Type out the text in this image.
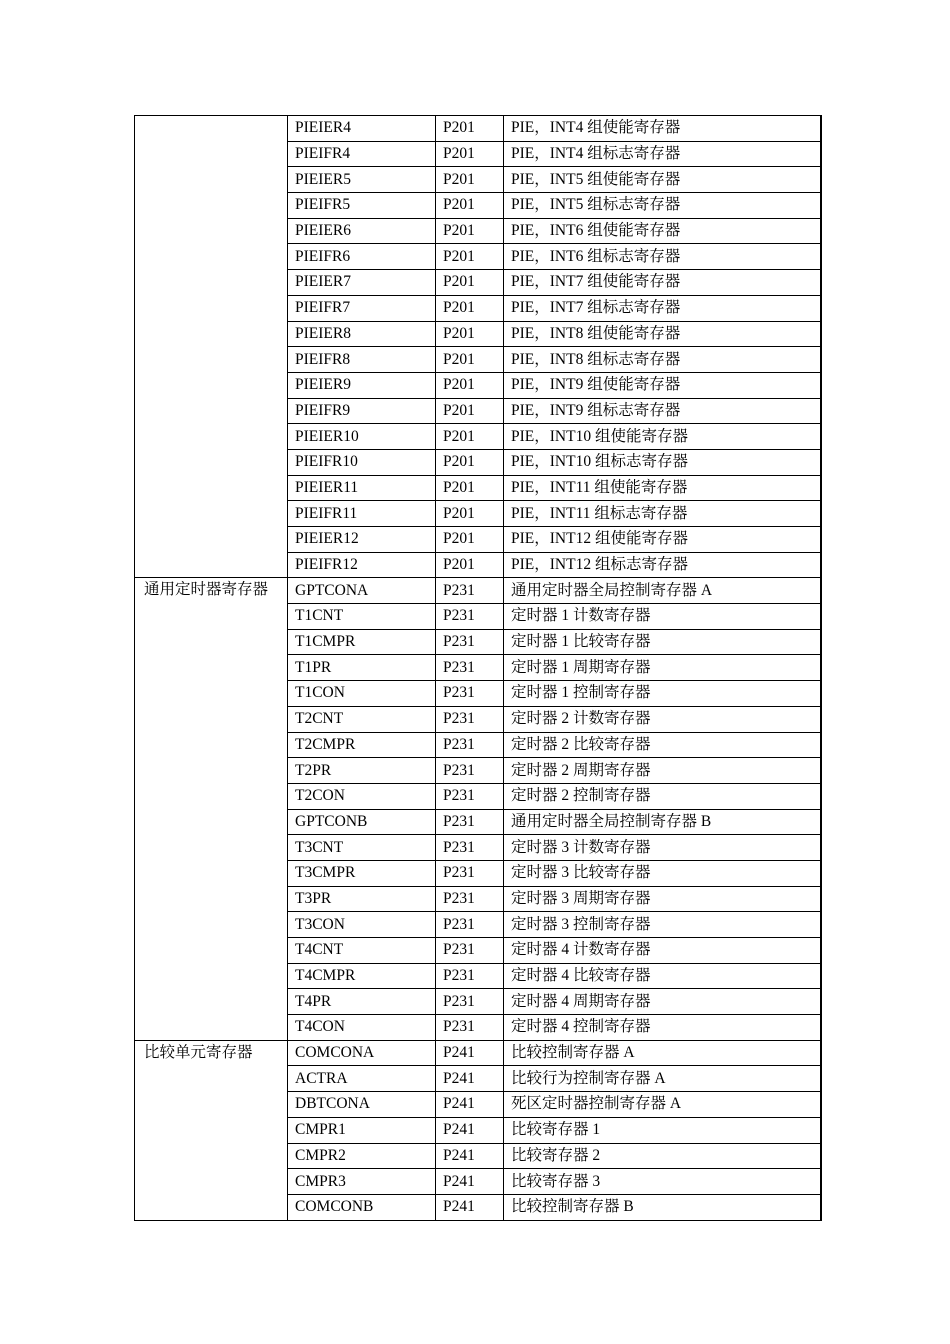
	PIEIER4	P201	PIE，INT4 组使能寄存器
	PIEIFR4	P201	PIE，INT4 组标志寄存器
	PIEIER5	P201	PIE，INT5 组使能寄存器
	PIEIFR5	P201	PIE，INT5 组标志寄存器
	PIEIER6	P201	PIE，INT6 组使能寄存器
	PIEIFR6	P201	PIE，INT6 组标志寄存器
	PIEIER7	P201	PIE，INT7 组使能寄存器
	PIEIFR7	P201	PIE，INT7 组标志寄存器
	PIEIER8	P201	PIE，INT8 组使能寄存器
	PIEIFR8	P201	PIE，INT8 组标志寄存器
	PIEIER9	P201	PIE，INT9 组使能寄存器
	PIEIFR9	P201	PIE，INT9 组标志寄存器
	PIEIER10	P201	PIE，INT10 组使能寄存器
	PIEIFR10	P201	PIE，INT10 组标志寄存器
	PIEIER11	P201	PIE，INT11 组使能寄存器
	PIEIFR11	P201	PIE，INT11 组标志寄存器
	PIEIER12	P201	PIE，INT12 组使能寄存器
	PIEIFR12	P201	PIE，INT12 组标志寄存器
通用定时器寄存器	GPTCONA	P231	通用定时器全局控制寄存器 A
	T1CNT	P231	定时器 1 计数寄存器
	T1CMPR	P231	定时器 1 比较寄存器
	T1PR	P231	定时器 1 周期寄存器
	T1CON	P231	定时器 1 控制寄存器
	T2CNT	P231	定时器 2 计数寄存器
	T2CMPR	P231	定时器 2 比较寄存器
	T2PR	P231	定时器 2 周期寄存器
	T2CON	P231	定时器 2 控制寄存器
	GPTCONB	P231	通用定时器全局控制寄存器 B
	T3CNT	P231	定时器 3 计数寄存器
	T3CMPR	P231	定时器 3 比较寄存器
	T3PR	P231	定时器 3 周期寄存器
	T3CON	P231	定时器 3 控制寄存器
	T4CNT	P231	定时器 4 计数寄存器
	T4CMPR	P231	定时器 4 比较寄存器
	T4PR	P231	定时器 4 周期寄存器
	T4CON	P231	定时器 4 控制寄存器
比较单元寄存器	COMCONA	P241	比较控制寄存器 A
	ACTRA	P241	比较行为控制寄存器 A
	DBTCONA	P241	死区定时器控制寄存器 A
	CMPR1	P241	比较寄存器 1
	CMPR2	P241	比较寄存器 2
	CMPR3	P241	比较寄存器 3
	COMCONB	P241	比较控制寄存器 B
